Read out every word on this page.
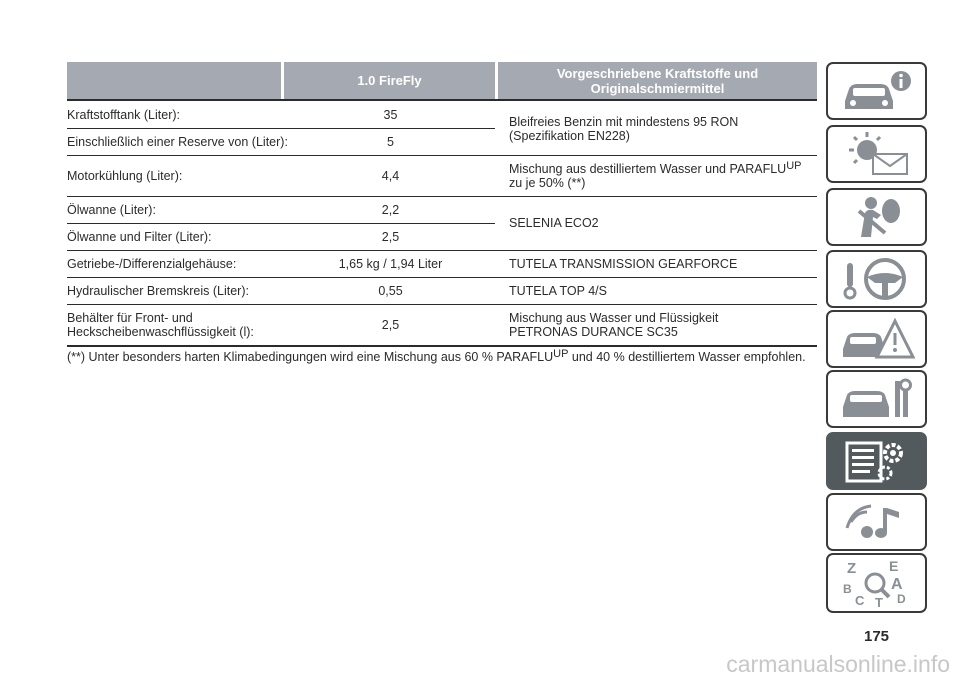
1.0 FireFly	Vorgeschriebene Kraftstoffe und Originalschmiermittel
Kraftstofftank (Liter):	35
Einschließlich einer Reserve von (Liter):	5
Bleifreies Benzin mit mindestens 95 RON (Spezifikation EN228)
Motorkühlung (Liter):	4,4	Mischung aus destilliertem Wasser und PARAFLUUP zu je 50% (**)
Ölwanne (Liter):	2,2
Ölwanne und Filter (Liter):	2,5
SELENIA ECO2
Getriebe-/Differenzialgehäuse:	1,65 kg / 1,94 Liter	TUTELA TRANSMISSION GEARFORCE
Hydraulischer Bremskreis (Liter):	0,55	TUTELA TOP 4/S
Behälter für Front- und Heckscheibenwaschflüssigkeit (l):	2,5	Mischung aus Wasser und Flüssigkeit PETRONAS DURANCE SC35
(**) Unter besonders harten Klimabedingungen wird eine Mischung aus 60 % PARAFLUUP und 40 % destilliertem Wasser empfohlen.
Z E
B A
C	D
T
175
carmanualsonline.info
